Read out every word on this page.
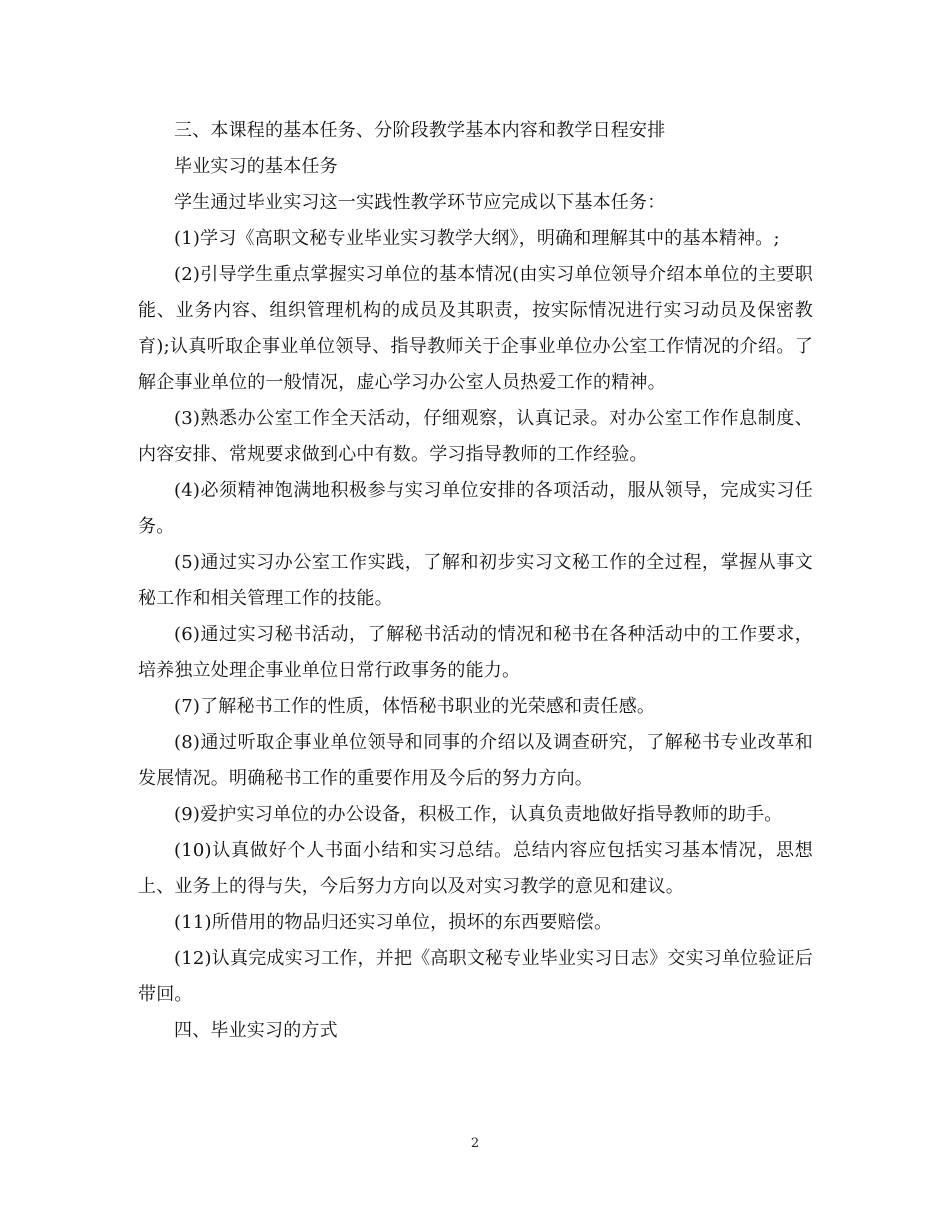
三、本课程的基本任务、分阶段教学基本内容和教学日程安排

毕业实习的基本任务

学生通过毕业实习这一实践性教学环节应完成以下基本任务：

(1)学习《高职文秘专业毕业实习教学大纲》，明确和理解其中的基本精神。;

(2)引导学生重点掌握实习单位的基本情况(由实习单位领导介绍本单位的主要职能、业务内容、组织管理机构的成员及其职责，按实际情况进行实习动员及保密教育);认真听取企事业单位领导、指导教师关于企事业单位办公室工作情况的介绍。了解企事业单位的一般情况，虚心学习办公室人员热爱工作的精神。

(3)熟悉办公室工作全天活动，仔细观察，认真记录。对办公室工作作息制度、内容安排、常规要求做到心中有数。学习指导教师的工作经验。

(4)必须精神饱满地积极参与实习单位安排的各项活动，服从领导，完成实习任务。

(5)通过实习办公室工作实践，了解和初步实习文秘工作的全过程，掌握从事文秘工作和相关管理工作的技能。

(6)通过实习秘书活动，了解秘书活动的情况和秘书在各种活动中的工作要求，培养独立处理企事业单位日常行政事务的能力。

(7)了解秘书工作的性质，体悟秘书职业的光荣感和责任感。

(8)通过听取企事业单位领导和同事的介绍以及调查研究，了解秘书专业改革和发展情况。明确秘书工作的重要作用及今后的努力方向。

(9)爱护实习单位的办公设备，积极工作，认真负责地做好指导教师的助手。

(10)认真做好个人书面小结和实习总结。总结内容应包括实习基本情况，思想上、业务上的得与失，今后努力方向以及对实习教学的意见和建议。

(11)所借用的物品归还实习单位，损坏的东西要赔偿。

(12)认真完成实习工作，并把《高职文秘专业毕业实习日志》交实习单位验证后带回。

四、毕业实习的方式

2
